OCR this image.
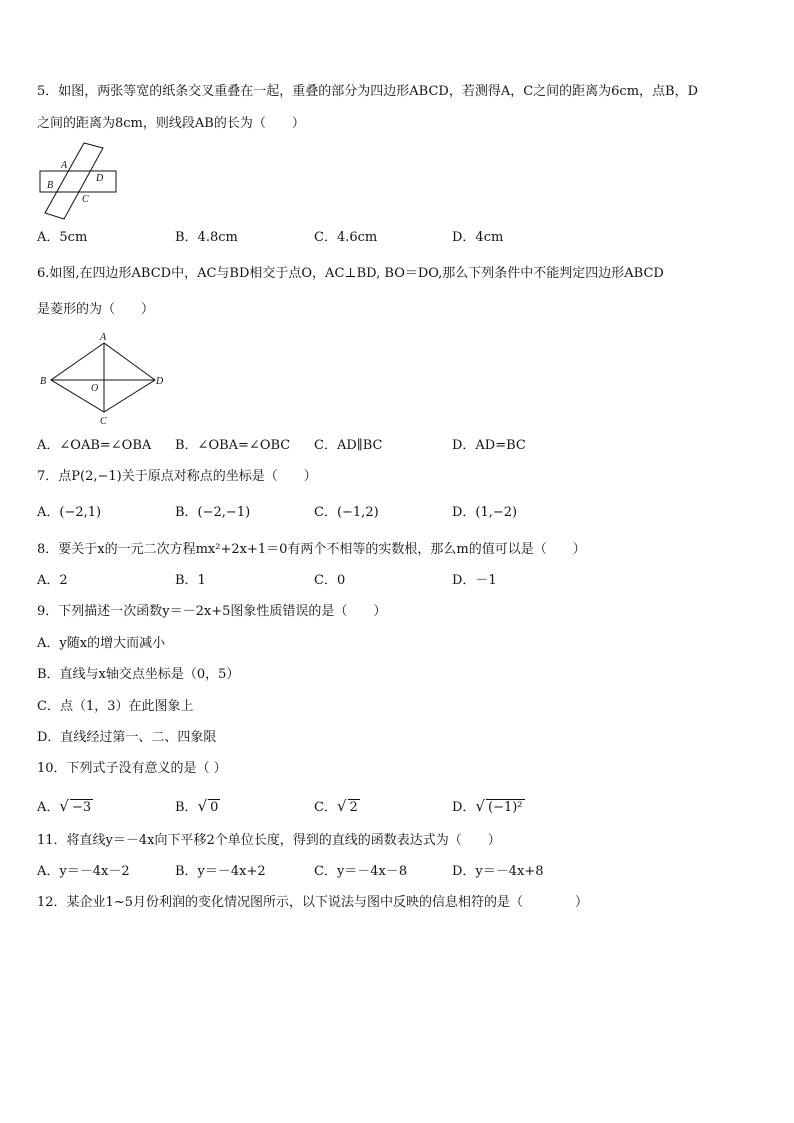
5．如图，两张等宽的纸条交叉重叠在一起，重叠的部分为四边形ABCD，若测得A，C之间的距离为6cm，点B，D
之间的距离为8cm，则线段AB的长为（　　）
A
B
C
D
A．5cm	B．4.8cm	C．4.6cm	D．4cm
6.如图,在四边形ABCD中，AC与BD相交于点O，AC⊥BD, BO＝DO,那么下列条件中不能判定四边形ABCD
是菱形的为（　　）
A
B
O
D
C
A．∠OAB=∠OBA B．∠OBA=∠OBC C．AD∥BC	D．AD=BC
7．点P(2,−1)关于原点对称点的坐标是（　　）
A．(−2,1)	B．(−2,−1)	C．(−1,2)	D．(1,−2)
8．要关于x的一元二次方程mx²+2x+1＝0有两个不相等的实数根，那么m的值可以是（　　）
A．2	B．1	C．0	D．－1
9．下列描述一次函数y＝－2x+5图象性质错误的是（　　）
A．y随x的增大而减小
B．直线与x轴交点坐标是（0，5）
C．点（1，3）在此图象上
D．直线经过第一、二、四象限
10．下列式子没有意义的是（ ）
A．√ −3	B．√ 0	C．√ 2	D．√ (−1)²
11．将直线y＝－4x向下平移2个单位长度，得到的直线的函数表达式为（　　）
A．y＝－4x－2	B．y＝－4x+2	C．y＝－4x－8	D．y＝－4x+8
12．某企业1~5月份利润的变化情况图所示，以下说法与图中反映的信息相符的是（　　　　）
